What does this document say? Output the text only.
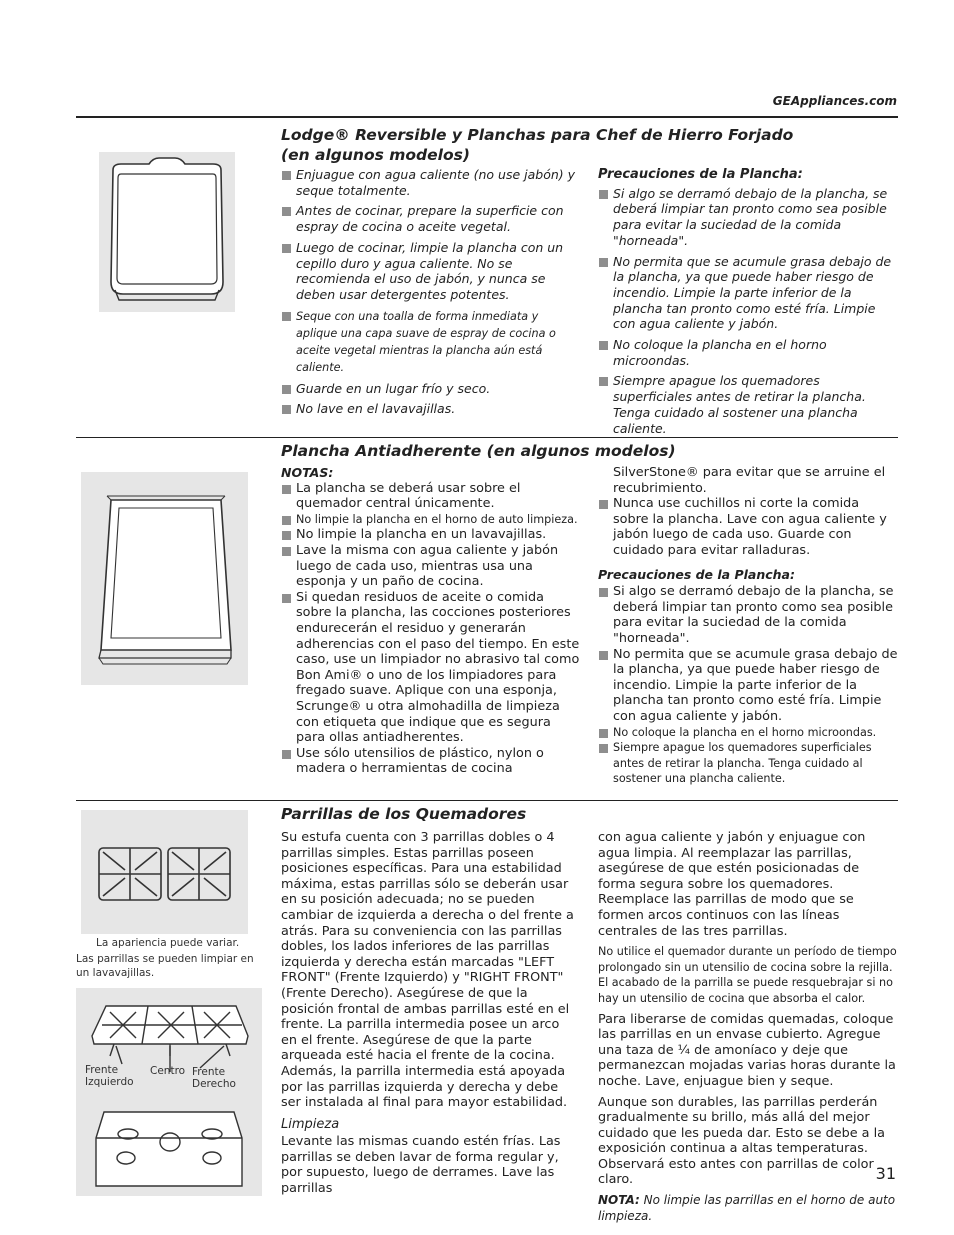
GEAppliances.com

Lodge® Reversible y Planchas para Chef de Hierro Forjado

(en algunos modelos)

Enjuague con agua caliente (no use jabón) y seque totalmente.
Antes de cocinar, prepare la superficie con espray de cocina o aceite vegetal.
Luego de cocinar, limpie la plancha con un cepillo duro y agua caliente. No se recomienda el uso de jabón, y nunca se deben usar detergentes potentes.
Seque con una toalla de forma inmediata y aplique una capa suave de espray de cocina o aceite vegetal mientras la plancha aún está caliente.
Guarde en un lugar frío y seco.
No lave en el lavavajillas.

Precauciones de la Plancha:

Si algo se derramó debajo de la plancha, se deberá limpiar tan pronto como sea posible para evitar la suciedad de la comida "horneada".
No permita que se acumule grasa debajo de la plancha, ya que puede haber riesgo de incendio. Limpie la parte inferior de la plancha tan pronto como esté fría. Limpie con agua caliente y jabón.
No coloque la plancha en el horno microondas.
Siempre apague los quemadores superficiales antes de retirar la plancha. Tenga cuidado al sostener una plancha caliente.

Plancha Antiadherente (en algunos modelos)

NOTAS:

La plancha se deberá usar sobre el quemador central únicamente.
No limpie la plancha en el horno de auto limpieza.
No limpie la plancha en un lavavajillas.
Lave la misma con agua caliente y jabón luego de cada uso, mientras usa una esponja y un paño de cocina.
Si quedan residuos de aceite o comida sobre la plancha, las cocciones posteriores endurecerán el residuo y generarán adherencias con el paso del tiempo. En este caso, use un limpiador no abrasivo tal como Bon Ami® o uno de los limpiadores para fregado suave. Aplique con una esponja, Scrunge® u otra almohadilla de limpieza con etiqueta que indique que es segura para ollas antiadherentes.
Use sólo utensilios de plástico, nylon o madera o herramientas de cocina

SilverStone® para evitar que se arruine el recubrimiento.

Nunca use cuchillos ni corte la comida sobre la plancha. Lave con agua caliente y jabón luego de cada uso. Guarde con cuidado para evitar ralladuras.

Precauciones de la Plancha:

Si algo se derramó debajo de la plancha, se deberá limpiar tan pronto como sea posible para evitar la suciedad de la comida "horneada".
No permita que se acumule grasa debajo de la plancha, ya que puede haber riesgo de incendio. Limpie la parte inferior de la plancha tan pronto como esté fría. Limpie con agua caliente y jabón.
No coloque la plancha en el horno microondas.
Siempre apague los quemadores superficiales antes de retirar la plancha. Tenga cuidado al sostener una plancha caliente.
La apariencia puede variar.
Las parrillas se pueden limpiar en un lavavajillas.
Frente Izquierdo
Centro Frente Derecho

Parrillas de los Quemadores

Su estufa cuenta con 3 parrillas dobles o 4 parrillas simples. Estas parrillas poseen posiciones específicas. Para una estabilidad máxima, estas parrillas sólo se deberán usar en su posición adecuada; no se pueden cambiar de izquierda a derecha o del frente a atrás. Para su conveniencia con las parrillas dobles, los lados inferiores de las parrillas izquierda y derecha están marcadas "LEFT FRONT" (Frente Izquierdo) y "RIGHT FRONT" (Frente Derecho). Asegúrese de que la posición frontal de ambas parrillas esté en el frente. La parrilla intermedia posee un arco en el frente. Asegúrese de que la parte arqueada esté hacia el frente de la cocina. Además, la parrilla intermedia está apoyada por las parrillas izquierda y derecha y debe ser instalada al final para mayor estabilidad.

Limpieza

Levante las mismas cuando estén frías. Las parrillas se deben lavar de forma regular y, por supuesto, luego de derrames. Lave las parrillas

con agua caliente y jabón y enjuague con agua limpia. Al reemplazar las parrillas, asegúrese de que estén posicionadas de forma segura sobre los quemadores. Reemplace las parrillas de modo que se formen arcos continuos con las líneas centrales de las tres parrillas.

No utilice el quemador durante un período de tiempo prolongado sin un utensilio de cocina sobre la rejilla. El acabado de la parrilla se puede resquebrajar si no hay un utensilio de cocina que absorba el calor.

Para liberarse de comidas quemadas, coloque las parrillas en un envase cubierto. Agregue una taza de ¼ de amoníaco y deje que permanezcan mojadas varias horas durante la noche. Lave, enjuague bien y seque.

Aunque son durables, las parrillas perderán gradualmente su brillo, más allá del mejor cuidado que les pueda dar. Esto se debe a la exposición continua a altas temperaturas. Observará esto antes con parrillas de color claro.

NOTA: No limpie las parrillas en el horno de auto limpieza.

31
